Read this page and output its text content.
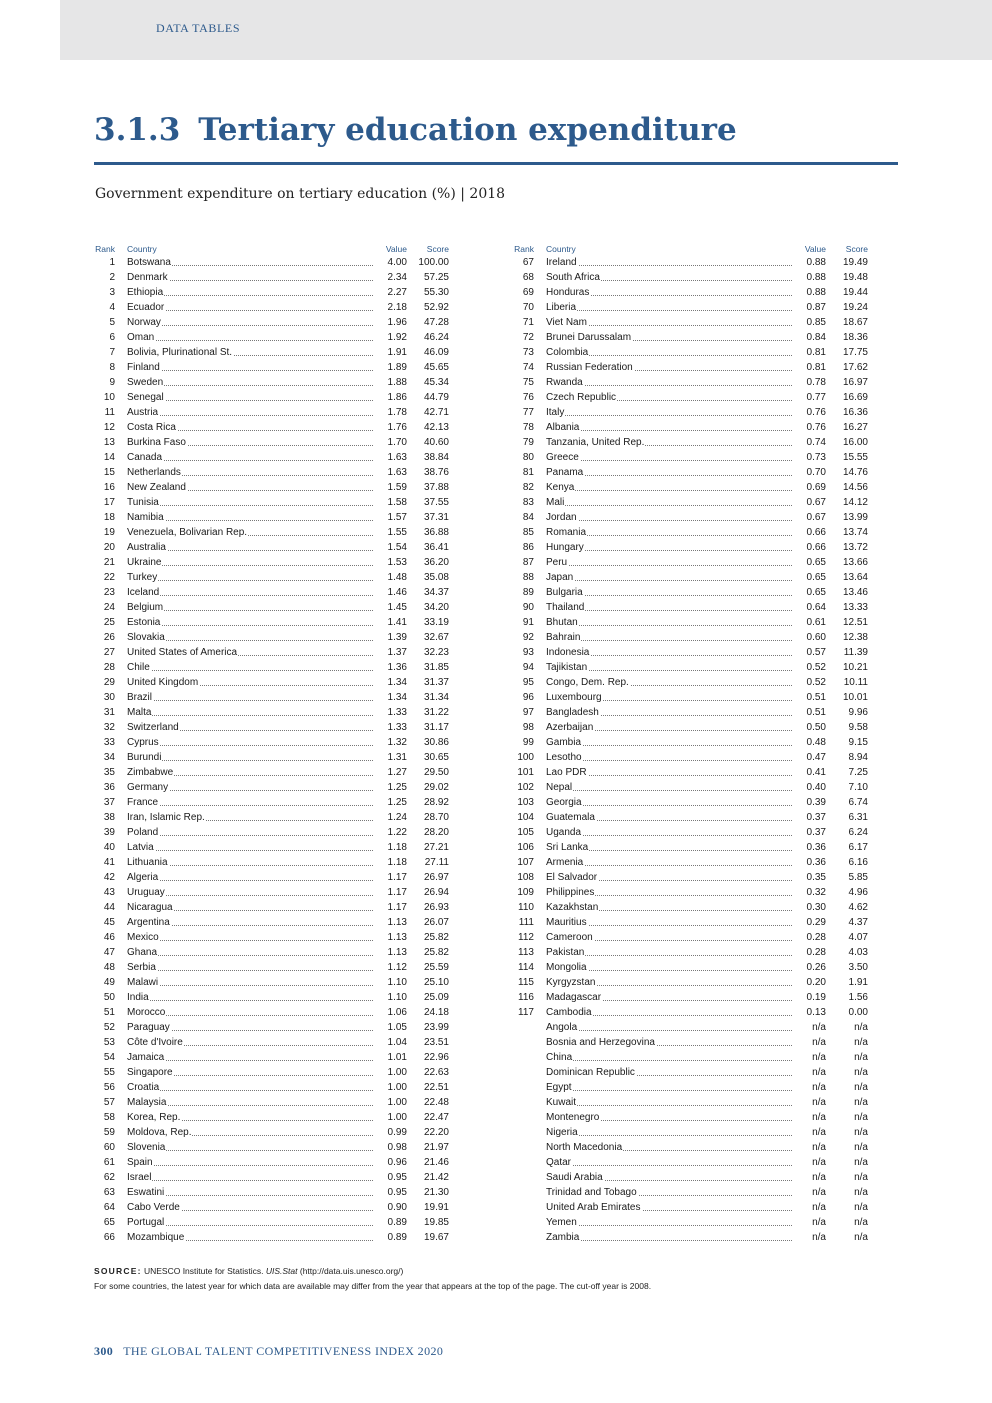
DATA TABLES
3.1.3 Tertiary education expenditure
Government expenditure on tertiary education (%) | 2018
Rank Country	Value	Score
1 Botswana	4.00	100.00
2 Denmark	2.34	57.25
3 Ethiopia	2.27	55.30
4 Ecuador	2.18	52.92
5 Norway	1.96	47.28
6 Oman	1.92	46.24
7 Bolivia, Plurinational St.	1.91	46.09
8 Finland	1.89	45.65
9 Sweden	1.88	45.34
10 Senegal	1.86	44.79
11 Austria	1.78	42.71
12 Costa Rica	1.76	42.13
13 Burkina Faso	1.70	40.60
14 Canada	1.63	38.84
15 Netherlands	1.63	38.76
16 New Zealand	1.59	37.88
17 Tunisia	1.58	37.55
18 Namibia	1.57	37.31
19 Venezuela, Bolivarian Rep.	1.55	36.88
20 Australia	1.54	36.41
21 Ukraine	1.53	36.20
22 Turkey	1.48	35.08
23 Iceland	1.46	34.37
24 Belgium	1.45	34.20
25 Estonia	1.41	33.19
26 Slovakia	1.39	32.67
27 United States of America	1.37	32.23
28 Chile	1.36	31.85
29 United Kingdom	1.34	31.37
30 Brazil	1.34	31.34
31 Malta	1.33	31.22
32 Switzerland	1.33	31.17
33 Cyprus	1.32	30.86
34 Burundi	1.31	30.65
35 Zimbabwe	1.27	29.50
36 Germany	1.25	29.02
37 France	1.25	28.92
38 Iran, Islamic Rep.	1.24	28.70
39 Poland	1.22	28.20
40 Latvia	1.18	27.21
41 Lithuania	1.18	27.11
42 Algeria	1.17	26.97
43 Uruguay	1.17	26.94
44 Nicaragua	1.17	26.93
45 Argentina	1.13	26.07
46 Mexico	1.13	25.82
47 Ghana	1.13	25.82
48 Serbia	1.12	25.59
49 Malawi	1.10	25.10
50 India	1.10	25.09
51 Morocco	1.06	24.18
52 Paraguay	1.05	23.99
53 Côte d'Ivoire	1.04	23.51
54 Jamaica	1.01	22.96
55 Singapore	1.00	22.63
56 Croatia	1.00	22.51
57 Malaysia	1.00	22.48
58 Korea, Rep.	1.00	22.47
59 Moldova, Rep.	0.99	22.20
60 Slovenia	0.98	21.97
61 Spain	0.96	21.46
62 Israel	0.95	21.42
63 Eswatini	0.95	21.30
64 Cabo Verde	0.90	19.91
65 Portugal	0.89	19.85
66 Mozambique	0.89	19.67
Rank Country	Value	Score
67 Ireland	0.88	19.49
68 South Africa	0.88	19.48
69 Honduras	0.88	19.44
70 Liberia	0.87	19.24
71 Viet Nam	0.85	18.67
72 Brunei Darussalam	0.84	18.36
73 Colombia	0.81	17.75
74 Russian Federation	0.81	17.62
75 Rwanda	0.78	16.97
76 Czech Republic	0.77	16.69
77 Italy	0.76	16.36
78 Albania	0.76	16.27
79 Tanzania, United Rep.	0.74	16.00
80 Greece	0.73	15.55
81 Panama	0.70	14.76
82 Kenya	0.69	14.56
83 Mali	0.67	14.12
84 Jordan	0.67	13.99
85 Romania	0.66	13.74
86 Hungary	0.66	13.72
87 Peru	0.65	13.66
88 Japan	0.65	13.64
89 Bulgaria	0.65	13.46
90 Thailand	0.64	13.33
91 Bhutan	0.61	12.51
92 Bahrain	0.60	12.38
93 Indonesia	0.57	11.39
94 Tajikistan	0.52	10.21
95 Congo, Dem. Rep.	0.52	10.11
96 Luxembourg	0.51	10.01
97 Bangladesh	0.51	9.96
98 Azerbaijan	0.50	9.58
99 Gambia	0.48	9.15
100 Lesotho	0.47	8.94
101 Lao PDR	0.41	7.25
102 Nepal	0.40	7.10
103 Georgia	0.39	6.74
104 Guatemala	0.37	6.31
105 Uganda	0.37	6.24
106 Sri Lanka	0.36	6.17
107 Armenia	0.36	6.16
108 El Salvador	0.35	5.85
109 Philippines	0.32	4.96
110 Kazakhstan	0.30	4.62
111 Mauritius	0.29	4.37
112 Cameroon	0.28	4.07
113 Pakistan	0.28	4.03
114 Mongolia	0.26	3.50
115 Kyrgyzstan	0.20	1.91
116 Madagascar	0.19	1.56
117 Cambodia	0.13	0.00
Angola	n/a	n/a
Bosnia and Herzegovina	n/a	n/a
China	n/a	n/a
Dominican Republic	n/a	n/a
Egypt	n/a	n/a
Kuwait	n/a	n/a
Montenegro	n/a	n/a
Nigeria	n/a	n/a
North Macedonia	n/a	n/a
Qatar	n/a	n/a
Saudi Arabia	n/a	n/a
Trinidad and Tobago	n/a	n/a
United Arab Emirates	n/a	n/a
Yemen	n/a	n/a
Zambia	n/a	n/a
SOURCE: UNESCO Institute for Statistics. UIS.Stat (http://data.uis.unesco.org/)
For some countries, the latest year for which data are available may differ from the year that appears at the top of the page. The cut-off year is 2008.
300 THE GLOBAL TALENT COMPETITIVENESS INDEX 2020
